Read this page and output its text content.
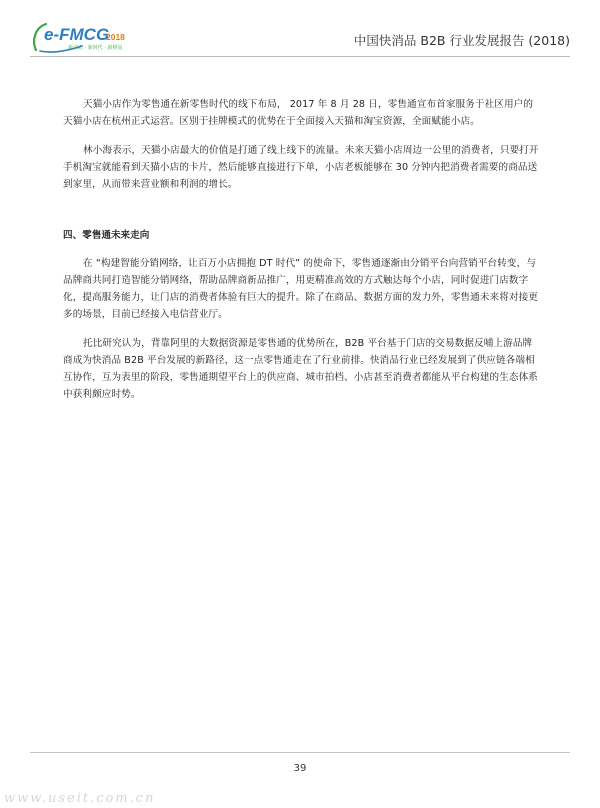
e-FMCG
2018
新动态 · 新时代 · 新格局	中国快消品 B2B 行业发展报告 (2018)

天猫小店作为零售通在新零售时代的线下布局， 2017 年 8 月 28 日，零售通宣布首家服务于社区用户的天猫小店在杭州正式运营。区别于挂牌模式的优势在于全面接入天猫和淘宝资源，全面赋能小店。

林小海表示，天猫小店最大的价值是打通了线上线下的流量。未来天猫小店周边一公里的消费者，只要打开手机淘宝就能看到天猫小店的卡片，然后能够直接进行下单，小店老板能够在 30 分钟内把消费者需要的商品送到家里，从而带来营业额和利润的增长。

四、零售通未来走向

在 “构建智能分销网络，让百万小店拥抱 DT 时代” 的使命下，零售通逐渐由分销平台向营销平台转变，与品牌商共同打造智能分销网络，帮助品牌商新品推广，用更精准高效的方式触达每个小店，同时促进门店数字化，提高服务能力，让门店的消费者体验有巨大的提升。除了在商品、数据方面的发力外，零售通未来将对接更多的场景，目前已经接入电信营业厅。

托比研究认为，背靠阿里的大数据资源是零售通的优势所在，B2B 平台基于门店的交易数据反哺上游品牌商成为快消品 B2B 平台发展的新路径，这一点零售通走在了行业前排。快消品行业已经发展到了供应链各端相互协作，互为表里的阶段，零售通期望平台上的供应商、城市拍档、小店甚至消费者都能从平台构建的生态体系中获利颇应时势。

39
www.useit.com.cn
